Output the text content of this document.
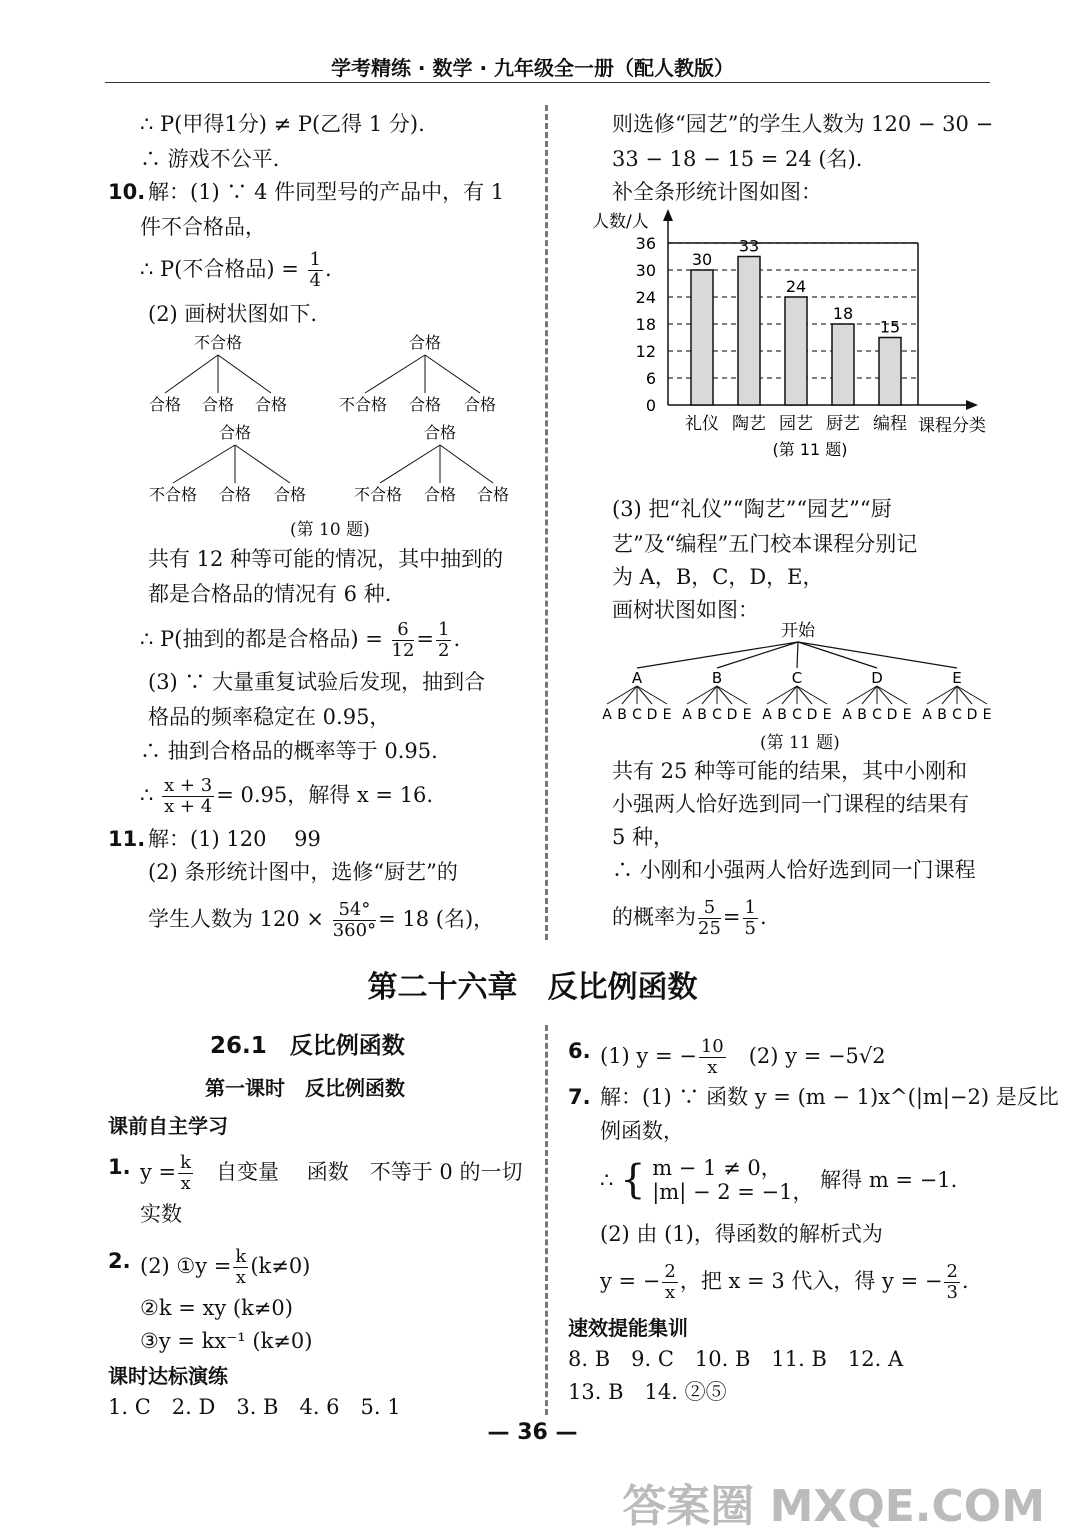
学考精练 · 数学 · 九年级全一册（配人教版）
∴ P(甲得1分) ≠ P(乙得 1 分).
∴ 游戏不公平.
10. 解：(1) ∵ 4 件同型号的产品中，有 1
件不合格品，
∴ P(不合格品) = $\frac{1}{4}$ .
(2) 画树状图如下.
不合格
合格 合格 合格
合格
不合格 合格 合格
合格
不合格 合格 合格
合格
不合格 合格 合格
(第 10 题)
共有 12 种等可能的情况，其中抽到的
都是合格品的情况有 6 种.
∴ P(抽到的都是合格品) = $\frac{6}{12} = \frac{1}{2}$ .
(3) ∵ 大量重复试验后发现，抽到合
格品的频率稳定在 0.95，
∴ 抽到合格品的概率等于 0.95.
∴ $\frac{x + 3}{x + 4} = 0.95$，解得 x = 16.
11. 解：(1) 120　 99
(2) 条形统计图中，选修“厨艺”的
学生人数为 $120 \times \frac{54^\circ}{360^\circ} = 18$ (名)，
则选修“园艺”的学生人数为 120 − 30 −
33 − 18 − 15 = 24 (名).
补全条形统计图如图：
人数/人
课程分类
0
6
12
18
24
30
36
30
礼仪
33
陶艺
24
园艺
18
厨艺
15
编程
(第 11 题)
(3) 把“礼仪”“陶艺”“园艺”“厨
艺”及“编程”五门校本课程分别记
为 A，B，C，D，E，
画树状图如图：
开始
A
A B C D E
B
A B C D E
C
A B C D E
D
A B C D E
E
A B C D E
(第 11 题)
共有 25 种等可能的结果，其中小刚和
小强两人恰好选到同一门课程的结果有
5 种，
∴ 小刚和小强两人恰好选到同一门课程
的概率为 $\frac{5}{25} = \frac{1}{5}$ .
第二十六章　反比例函数
26.1　反比例函数
第一课时　反比例函数
课前自主学习
1. $y = \frac{k}{x}$ 　自变量　 函数　不等于 0 的一切
实数
2. (2) ①y = $\frac{k}{x} (k\ne 0)$
②k = xy (k≠0)
③y = kx⁻¹ (k≠0)
课时达标演练
1. C　2. D　3. B　4. 6　5. 1
6. (1) y = − $\frac{10}{x}$ 　(2) y = −5√2
7. 解：(1) ∵ 函数 y = (m − 1)x^(|m|−2) 是反比
例函数，
∴ { m − 1 ≠ 0，
|m| − 2 = −1， 解得 m = −1.
(2) 由 (1)，得函数的解析式为
y = − $\frac{2}{x}$ ，把 x = 3 代入，得 y = − $\frac{2}{3}$ .
速效提能集训
8. B　9. C　10. B　11. B　12. A
13. B　14. ②⑤
— 36 —
答案圈 MXQE.COM
